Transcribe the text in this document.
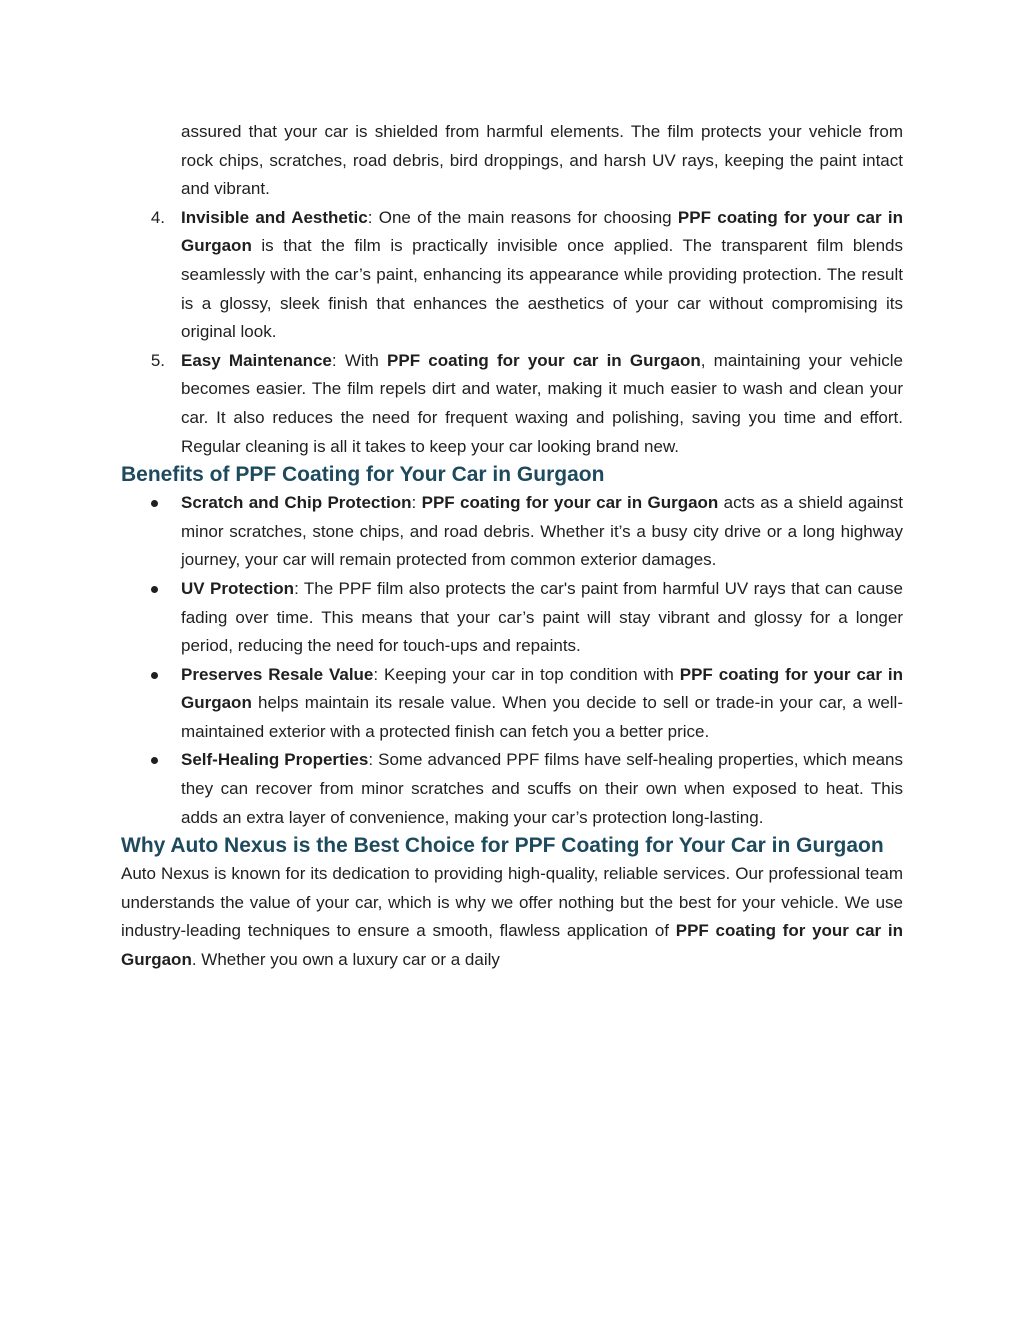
assured that your car is shielded from harmful elements. The film protects your vehicle from rock chips, scratches, road debris, bird droppings, and harsh UV rays, keeping the paint intact and vibrant.

4. Invisible and Aesthetic: One of the main reasons for choosing PPF coating for your car in Gurgaon is that the film is practically invisible once applied. The transparent film blends seamlessly with the car’s paint, enhancing its appearance while providing protection. The result is a glossy, sleek finish that enhances the aesthetics of your car without compromising its original look.
5. Easy Maintenance: With PPF coating for your car in Gurgaon, maintaining your vehicle becomes easier. The film repels dirt and water, making it much easier to wash and clean your car. It also reduces the need for frequent waxing and polishing, saving you time and effort. Regular cleaning is all it takes to keep your car looking brand new.
Benefits of PPF Coating for Your Car in Gurgaon
Scratch and Chip Protection: PPF coating for your car in Gurgaon acts as a shield against minor scratches, stone chips, and road debris. Whether it’s a busy city drive or a long highway journey, your car will remain protected from common exterior damages.
UV Protection: The PPF film also protects the car's paint from harmful UV rays that can cause fading over time. This means that your car’s paint will stay vibrant and glossy for a longer period, reducing the need for touch-ups and repaints.
Preserves Resale Value: Keeping your car in top condition with PPF coating for your car in Gurgaon helps maintain its resale value. When you decide to sell or trade-in your car, a well-maintained exterior with a protected finish can fetch you a better price.
Self-Healing Properties: Some advanced PPF films have self-healing properties, which means they can recover from minor scratches and scuffs on their own when exposed to heat. This adds an extra layer of convenience, making your car’s protection long-lasting.
Why Auto Nexus is the Best Choice for PPF Coating for Your Car in Gurgaon

Auto Nexus is known for its dedication to providing high-quality, reliable services. Our professional team understands the value of your car, which is why we offer nothing but the best for your vehicle. We use industry-leading techniques to ensure a smooth, flawless application of PPF coating for your car in Gurgaon. Whether you own a luxury car or a daily
